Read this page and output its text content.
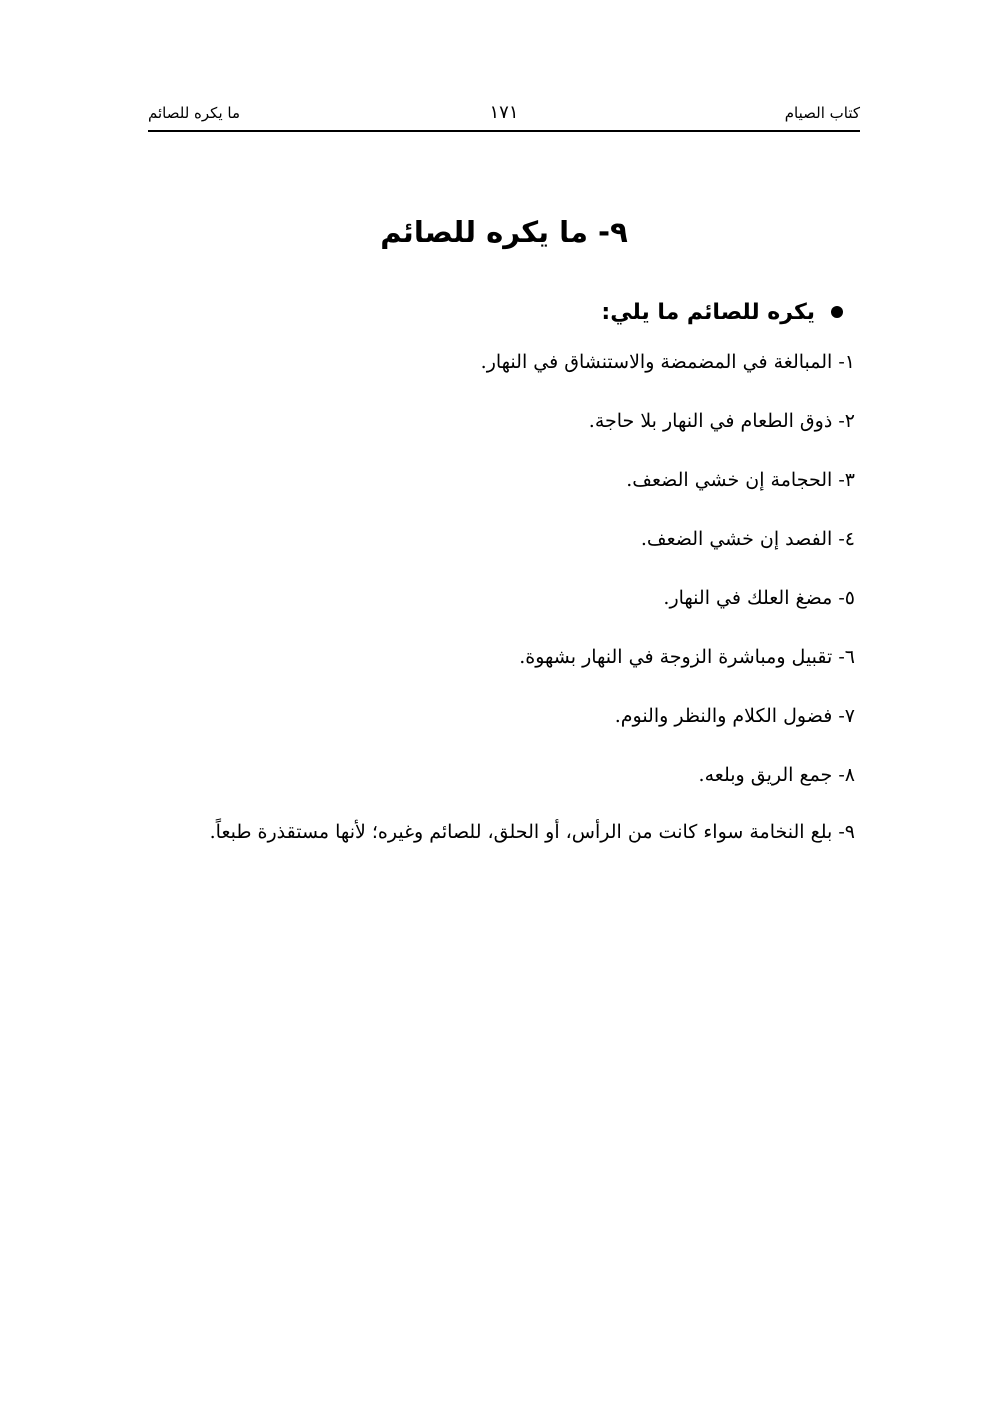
كتاب الصيام
١٧١
ما يكره للصائم
٩- ما يكره للصائم
يكره للصائم ما يلي:
١- المبالغة في المضمضة والاستنشاق في النهار.
٢- ذوق الطعام في النهار بلا حاجة.
٣- الحجامة إن خشي الضعف.
٤- الفصد إن خشي الضعف.
٥- مضغ العلك في النهار.
٦- تقبيل ومباشرة الزوجة في النهار بشهوة.
٧- فضول الكلام والنظر والنوم.
٨- جمع الريق وبلعه.
٩- بلع النخامة سواء كانت من الرأس، أو الحلق، للصائم وغيره؛ لأنها مستقذرة طبعاً.
